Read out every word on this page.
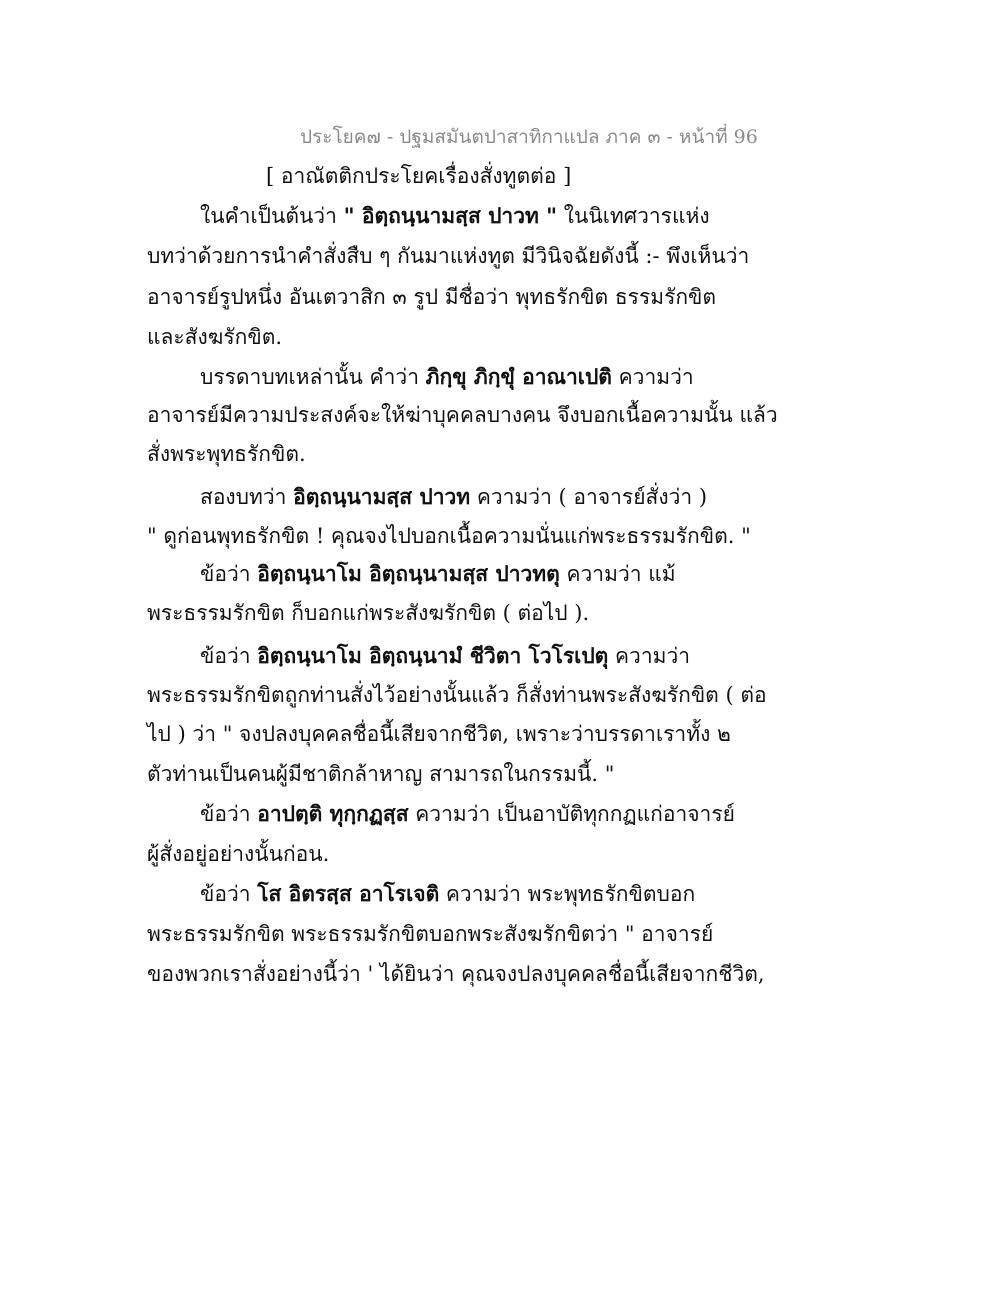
ประโยค๗ - ปฐมสมันตปาสาทิกาแปล ภาค ๓ - หน้าที่ 96
[ อาณัตติกประโยคเรื่องสั่งทูตต่อ ]
ในคำเป็นต้นว่า " อิตฺถนฺนามสฺส ปาวท " ในนิเทศวารแห่ง
บทว่าด้วยการนำคำสั่งสืบ ๆ กันมาแห่งทูต มีวินิจฉัยดังนี้ :- พึงเห็นว่า
อาจารย์รูปหนึ่ง อันเตวาสิก ๓ รูป มีชื่อว่า พุทธรักขิต ธรรมรักขิต
และสังฆรักขิต.
บรรดาบทเหล่านั้น คำว่า ภิกฺขุ ภิกฺขุํ อาณาเปติ ความว่า
อาจารย์มีความประสงค์จะให้ฆ่าบุคคลบางคน จึงบอกเนื้อความนั้น แล้ว
สั่งพระพุทธรักขิต.
สองบทว่า อิตฺถนฺนามสฺส ปาวท ความว่า ( อาจารย์สั่งว่า )
" ดูก่อนพุทธรักขิต ! คุณจงไปบอกเนื้อความนั่นแก่พระธรรมรักขิต. "
ข้อว่า อิตฺถนฺนาโม อิตฺถนฺนามสฺส ปาวทตุ ความว่า แม้
พระธรรมรักขิต ก็บอกแก่พระสังฆรักขิต ( ต่อไป ).
ข้อว่า อิตฺถนฺนาโม อิตฺถนฺนามํ ชีวิตา โวโรเปตุ ความว่า
พระธรรมรักขิตถูกท่านสั่งไว้อย่างนั้นแล้ว ก็สั่งท่านพระสังฆรักขิต ( ต่อ
ไป ) ว่า " จงปลงบุคคลชื่อนี้เสียจากชีวิต, เพราะว่าบรรดาเราทั้ง ๒
ตัวท่านเป็นคนผู้มีชาติกล้าหาญ สามารถในกรรมนี้. "
ข้อว่า อาปตฺติ ทุกฺกฏสฺส ความว่า เป็นอาบัติทุกกฏแก่อาจารย์
ผู้สั่งอยู่อย่างนั้นก่อน.
ข้อว่า โส อิตรสฺส อาโรเจติ ความว่า พระพุทธรักขิตบอก
พระธรรมรักขิต พระธรรมรักขิตบอกพระสังฆรักขิตว่า " อาจารย์
ของพวกเราสั่งอย่างนี้ว่า ' ได้ยินว่า คุณจงปลงบุคคลชื่อนี้เสียจากชีวิต,
